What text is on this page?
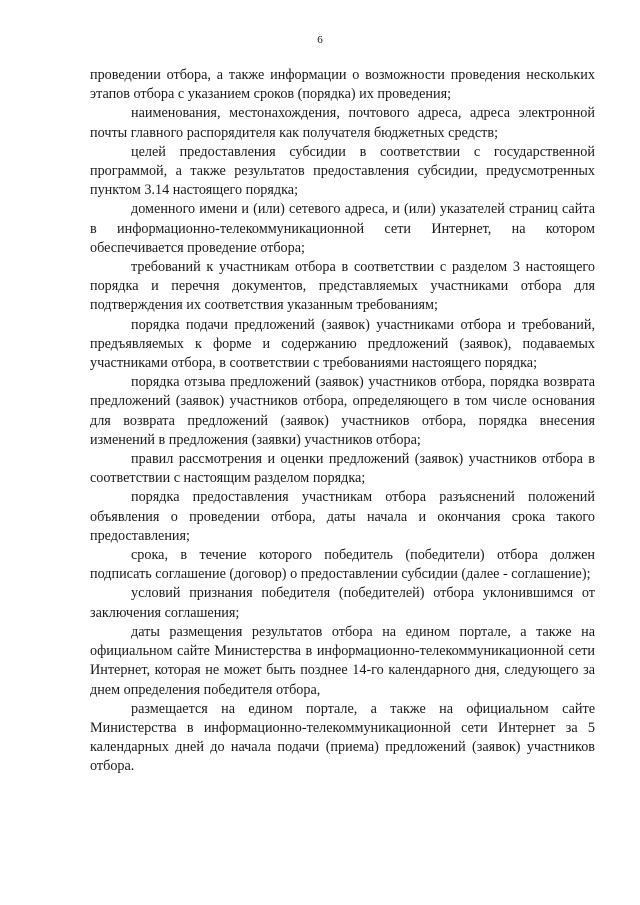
6

проведении отбора, а также информации о возможности проведения нескольких этапов отбора с указанием сроков (порядка) их проведения;

наименования, местонахождения, почтового адреса, адреса электронной почты главного распорядителя как получателя бюджетных средств;

целей предоставления субсидии в соответствии с государственной программой, а также результатов предоставления субсидии, предусмотренных пунктом 3.14 настоящего порядка;

доменного имени и (или) сетевого адреса, и (или) указателей страниц сайта в информационно-телекоммуникационной сети Интернет, на котором обеспечивается проведение отбора;

требований к участникам отбора в соответствии с разделом 3 настоящего порядка и перечня документов, представляемых участниками отбора для подтверждения их соответствия указанным требованиям;

порядка подачи предложений (заявок) участниками отбора и требований, предъявляемых к форме и содержанию предложений (заявок), подаваемых участниками отбора, в соответствии с требованиями настоящего порядка;

порядка отзыва предложений (заявок) участников отбора, порядка возврата предложений (заявок) участников отбора, определяющего в том числе основания для возврата предложений (заявок) участников отбора, порядка внесения изменений в предложения (заявки) участников отбора;

правил рассмотрения и оценки предложений (заявок) участников отбора в соответствии с настоящим разделом порядка;

порядка предоставления участникам отбора разъяснений положений объявления о проведении отбора, даты начала и окончания срока такого предоставления;

срока, в течение которого победитель (победители) отбора должен подписать соглашение (договор) о предоставлении субсидии (далее - соглашение);

условий признания победителя (победителей) отбора уклонившимся от заключения соглашения;

даты размещения результатов отбора на едином портале, а также на официальном сайте Министерства в информационно-телекоммуникационной сети Интернет, которая не может быть позднее 14-го календарного дня, следующего за днем определения победителя отбора,

размещается на едином портале, а также на официальном сайте Министерства в информационно-телекоммуникационной сети Интернет за 5 календарных дней до начала подачи (приема) предложений (заявок) участников отбора.
